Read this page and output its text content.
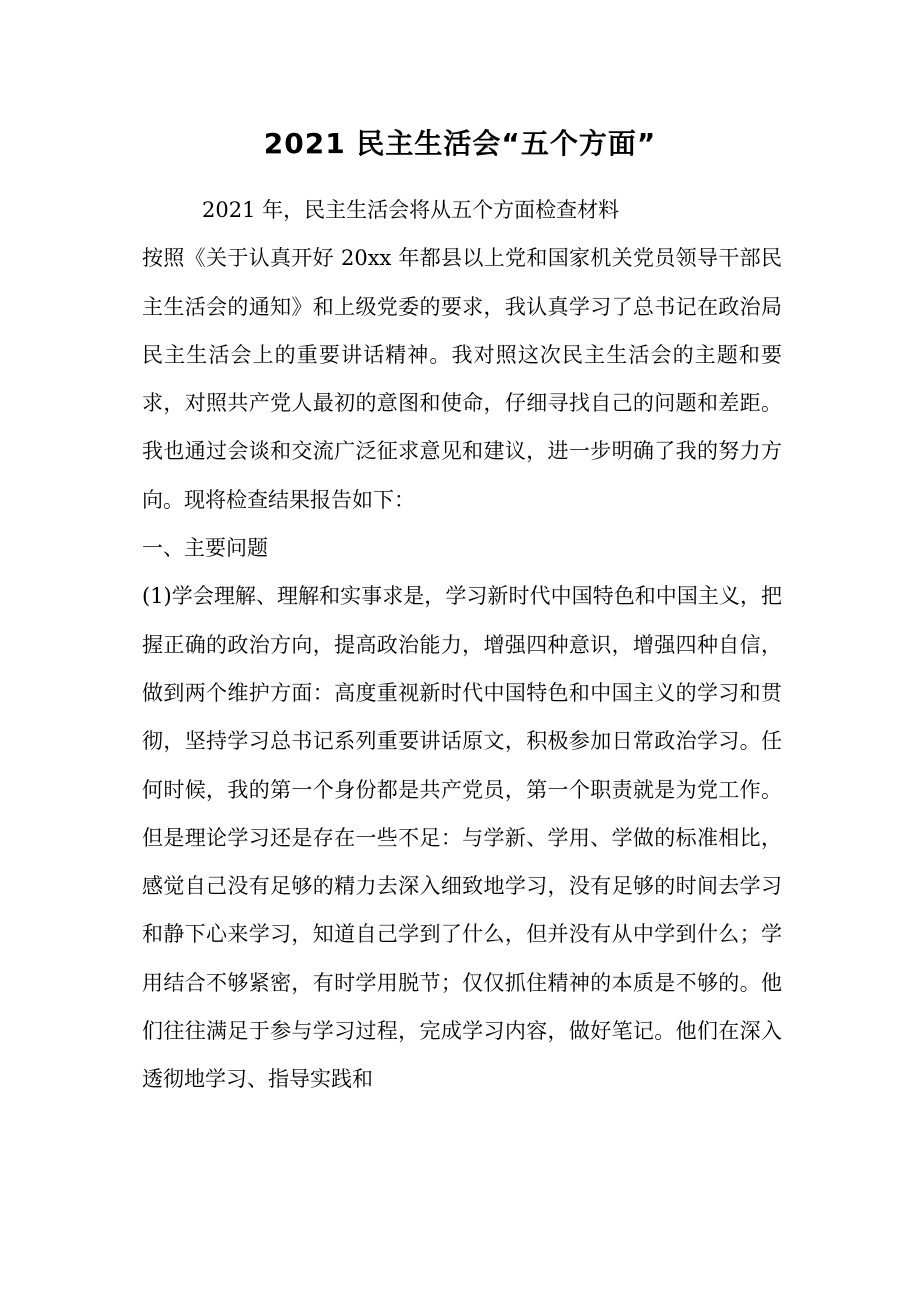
2021 民主生活会“五个方面”

2021 年，民主生活会将从五个方面检查材料

按照《关于认真开好 20xx 年都县以上党和国家机关党员领导干部民主生活会的通知》和上级党委的要求，我认真学习了总书记在政治局民主生活会上的重要讲话精神。我对照这次民主生活会的主题和要求，对照共产党人最初的意图和使命，仔细寻找自己的问题和差距。我也通过会谈和交流广泛征求意见和建议，进一步明确了我的努力方向。现将检查结果报告如下：

一、主要问题

(1)学会理解、理解和实事求是，学习新时代中国特色和中国主义，把握正确的政治方向，提高政治能力，增强四种意识，增强四种自信，做到两个维护方面：高度重视新时代中国特色和中国主义的学习和贯彻，坚持学习总书记系列重要讲话原文，积极参加日常政治学习。任何时候，我的第一个身份都是共产党员，第一个职责就是为党工作。但是理论学习还是存在一些不足：与学新、学用、学做的标准相比，感觉自己没有足够的精力去深入细致地学习，没有足够的时间去学习和静下心来学习，知道自己学到了什么，但并没有从中学到什么；学用结合不够紧密，有时学用脱节；仅仅抓住精神的本质是不够的。他们往往满足于参与学习过程，完成学习内容，做好笔记。他们在深入透彻地学习、指导实践和
